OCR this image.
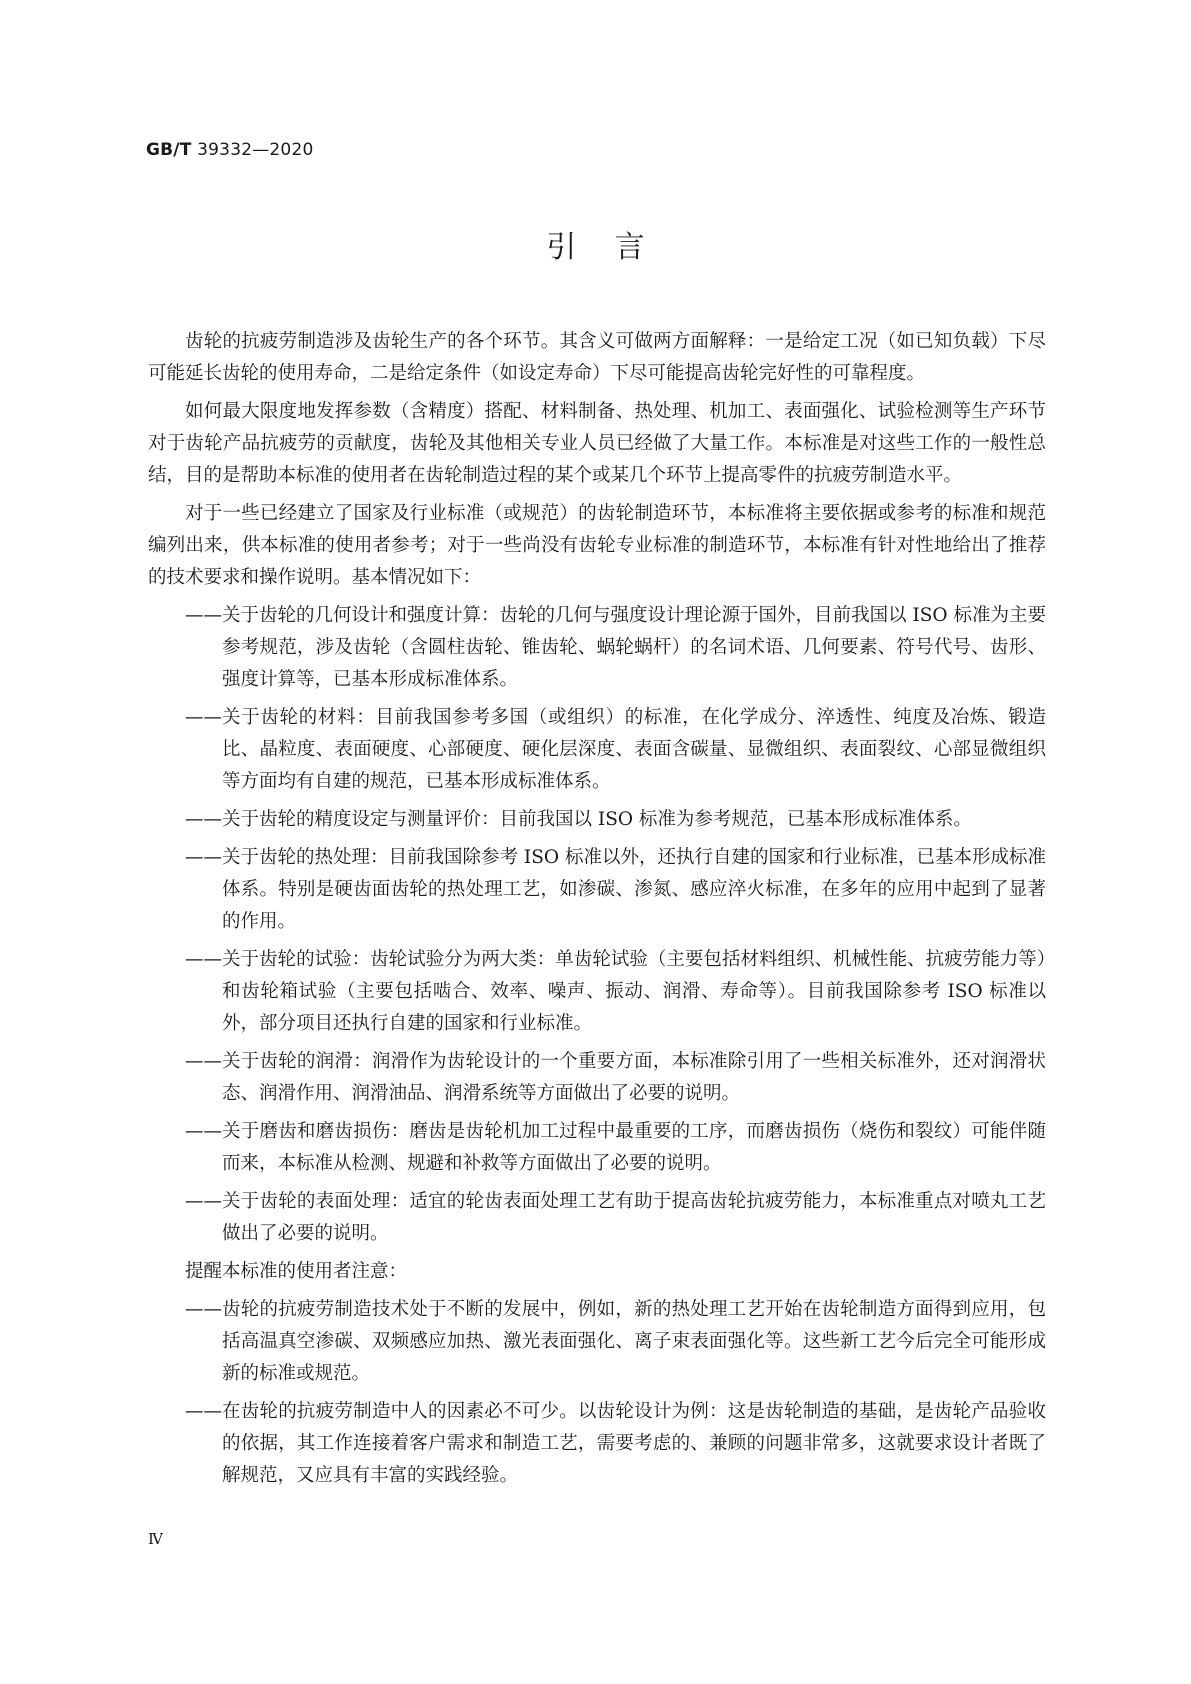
GB/T 39332—2020
引    言

齿轮的抗疲劳制造涉及齿轮生产的各个环节。其含义可做两方面解释：一是给定工况（如已知负载）下尽可能延长齿轮的使用寿命，二是给定条件（如设定寿命）下尽可能提高齿轮完好性的可靠程度。

如何最大限度地发挥参数（含精度）搭配、材料制备、热处理、机加工、表面强化、试验检测等生产环节对于齿轮产品抗疲劳的贡献度，齿轮及其他相关专业人员已经做了大量工作。本标准是对这些工作的一般性总结，目的是帮助本标准的使用者在齿轮制造过程的某个或某几个环节上提高零件的抗疲劳制造水平。

对于一些已经建立了国家及行业标准（或规范）的齿轮制造环节，本标准将主要依据或参考的标准和规范编列出来，供本标准的使用者参考；对于一些尚没有齿轮专业标准的制造环节，本标准有针对性地给出了推荐的技术要求和操作说明。基本情况如下：

—— 关于齿轮的几何设计和强度计算：齿轮的几何与强度设计理论源于国外，目前我国以 ISO 标准为主要参考规范，涉及齿轮（含圆柱齿轮、锥齿轮、蜗轮蜗杆）的名词术语、几何要素、符号代号、齿形、强度计算等，已基本形成标准体系。
—— 关于齿轮的材料：目前我国参考多国（或组织）的标准，在化学成分、淬透性、纯度及冶炼、锻造比、晶粒度、表面硬度、心部硬度、硬化层深度、表面含碳量、显微组织、表面裂纹、心部显微组织等方面均有自建的规范，已基本形成标准体系。
—— 关于齿轮的精度设定与测量评价：目前我国以 ISO 标准为参考规范，已基本形成标准体系。
—— 关于齿轮的热处理：目前我国除参考 ISO 标准以外，还执行自建的国家和行业标准，已基本形成标准体系。特别是硬齿面齿轮的热处理工艺，如渗碳、渗氮、感应淬火标准，在多年的应用中起到了显著的作用。
—— 关于齿轮的试验：齿轮试验分为两大类：单齿轮试验（主要包括材料组织、机械性能、抗疲劳能力等）和齿轮箱试验（主要包括啮合、效率、噪声、振动、润滑、寿命等）。目前我国除参考 ISO 标准以外，部分项目还执行自建的国家和行业标准。
—— 关于齿轮的润滑：润滑作为齿轮设计的一个重要方面，本标准除引用了一些相关标准外，还对润滑状态、润滑作用、润滑油品、润滑系统等方面做出了必要的说明。
—— 关于磨齿和磨齿损伤：磨齿是齿轮机加工过程中最重要的工序，而磨齿损伤（烧伤和裂纹）可能伴随而来，本标准从检测、规避和补救等方面做出了必要的说明。
—— 关于齿轮的表面处理：适宜的轮齿表面处理工艺有助于提高齿轮抗疲劳能力，本标准重点对喷丸工艺做出了必要的说明。

提醒本标准的使用者注意：

—— 齿轮的抗疲劳制造技术处于不断的发展中，例如，新的热处理工艺开始在齿轮制造方面得到应用，包括高温真空渗碳、双频感应加热、激光表面强化、离子束表面强化等。这些新工艺今后完全可能形成新的标准或规范。
—— 在齿轮的抗疲劳制造中人的因素必不可少。以齿轮设计为例：这是齿轮制造的基础，是齿轮产品验收的依据，其工作连接着客户需求和制造工艺，需要考虑的、兼顾的问题非常多，这就要求设计者既了解规范，又应具有丰富的实践经验。
Ⅳ
